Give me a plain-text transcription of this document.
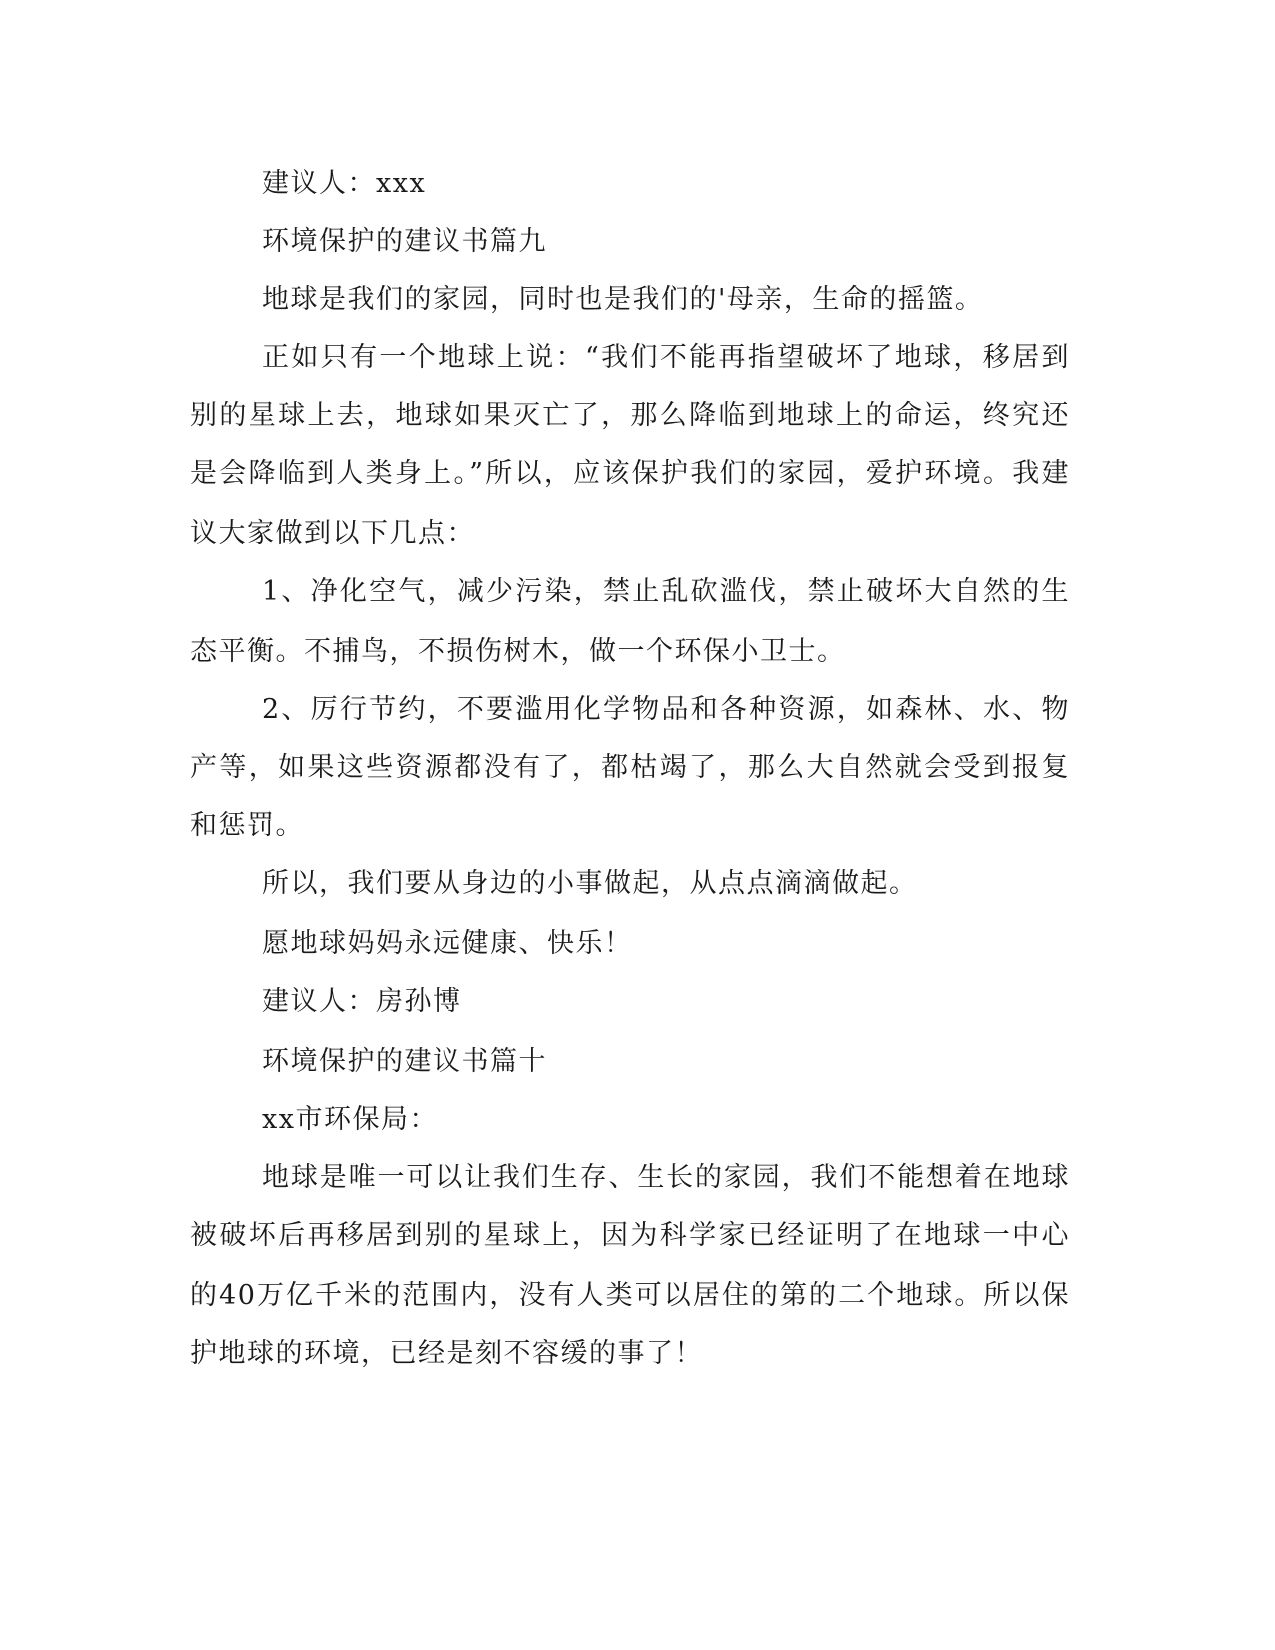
建议人：xxx
环境保护的建议书篇九
地球是我们的家园，同时也是我们的'母亲，生命的摇篮。
正如只有一个地球上说：“我们不能再指望破坏了地球，移居到
别的星球上去，地球如果灭亡了，那么降临到地球上的命运，终究还
是会降临到人类身上。”所以，应该保护我们的家园，爱护环境。我建
议大家做到以下几点：
1、净化空气，减少污染，禁止乱砍滥伐，禁止破坏大自然的生
态平衡。不捕鸟，不损伤树木，做一个环保小卫士。
2、厉行节约，不要滥用化学物品和各种资源，如森林、水、物
产等，如果这些资源都没有了，都枯竭了，那么大自然就会受到报复
和惩罚。
所以，我们要从身边的小事做起，从点点滴滴做起。
愿地球妈妈永远健康、快乐！
建议人：房孙博
环境保护的建议书篇十
xx市环保局：
地球是唯一可以让我们生存、生长的家园，我们不能想着在地球
被破坏后再移居到别的星球上，因为科学家已经证明了在地球一中心
的40万亿千米的范围内，没有人类可以居住的第的二个地球。所以保
护地球的环境，已经是刻不容缓的事了！
